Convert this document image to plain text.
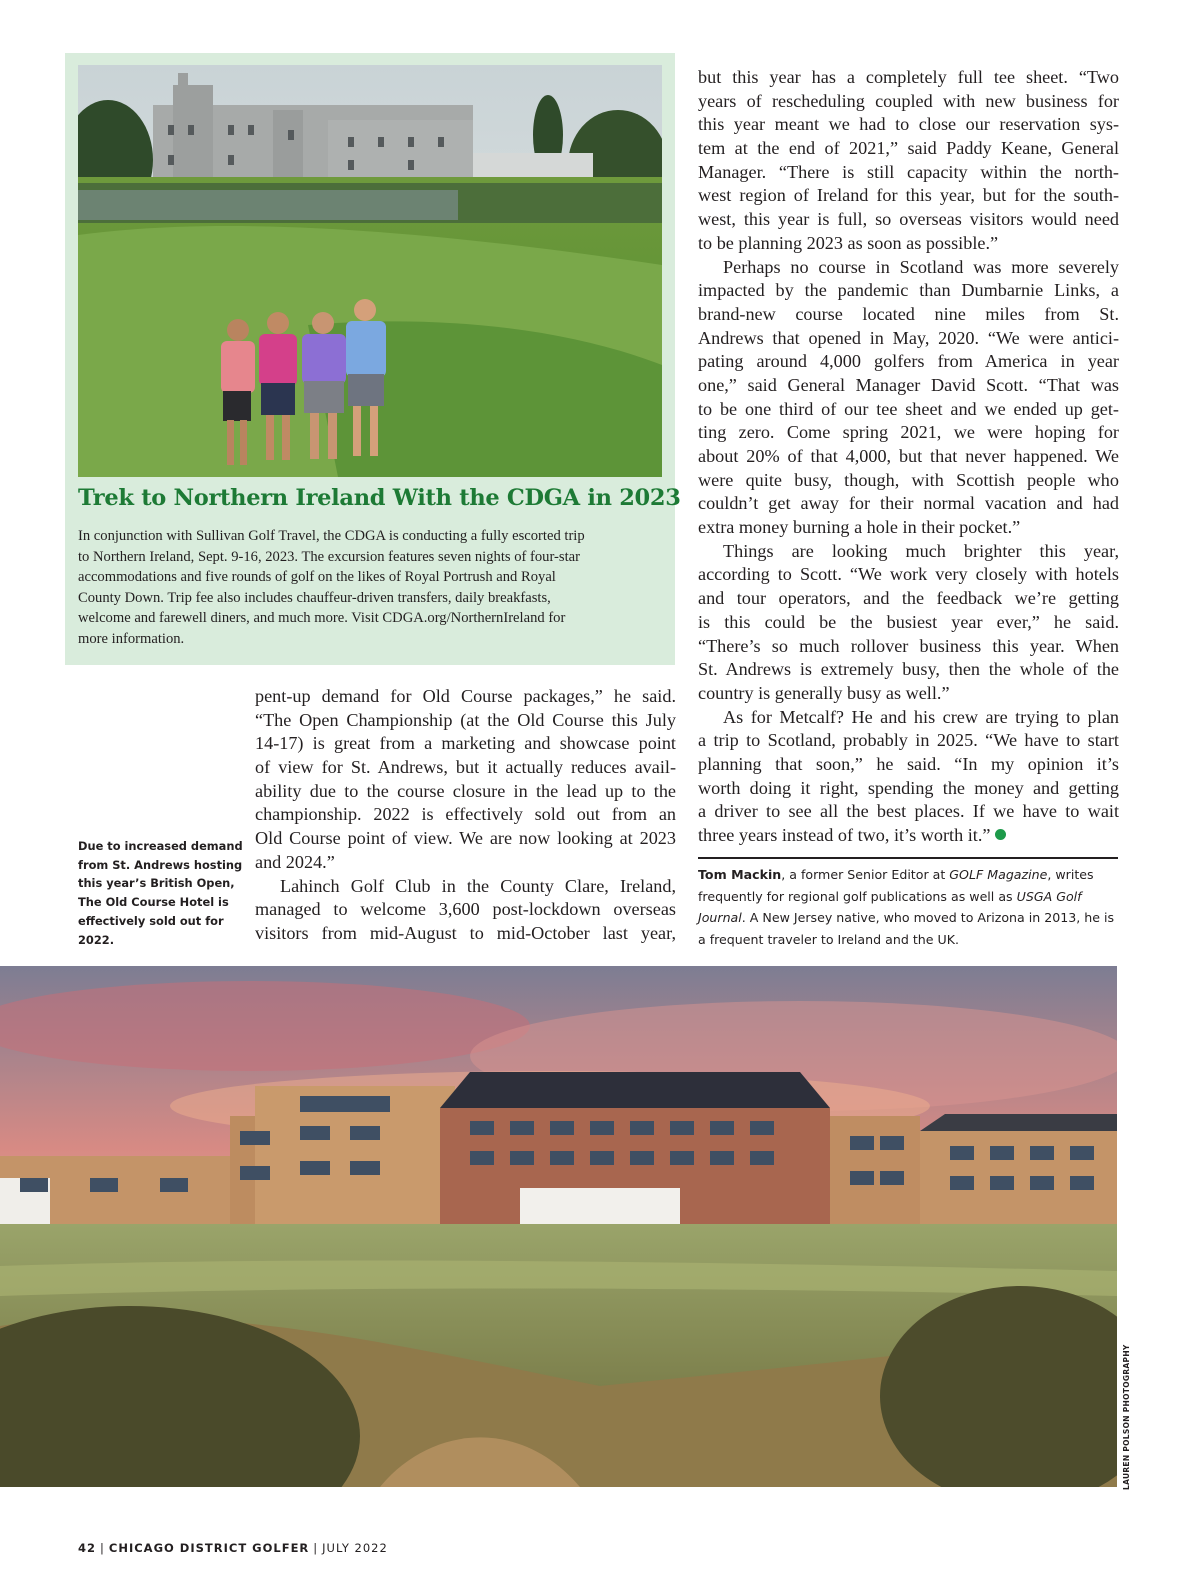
Trek to Northern Ireland With the CDGA in 2023

In conjunction with Sullivan Golf Travel, the CDGA is conducting a fully escorted trip
to Northern Ireland, Sept. 9-16, 2023. The excursion features seven nights of four-star
accommodations and five rounds of golf on the likes of Royal Portrush and Royal
County Down. Trip fee also includes chauffeur-driven transfers, daily breakfasts,
welcome and farewell diners, and much more. Visit CDGA.org/NorthernIreland for
more information.

pent-up demand for Old Course packages,” he said.
“The Open Championship (at the Old Course this July
14-17) is great from a marketing and showcase point
of view for St. Andrews, but it actually reduces avail-
ability due to the course closure in the lead up to the
championship. 2022 is effectively sold out from an
Old Course point of view. We are now looking at 2023
and 2024.”
Lahinch Golf Club in the County Clare, Ireland,
managed to welcome 3,600 post-lockdown overseas
visitors from mid-August to mid-October last year,
but this year has a completely full tee sheet. “Two
years of rescheduling coupled with new business for
this year meant we had to close our reservation sys-
tem at the end of 2021,” said Paddy Keane, General
Manager. “There is still capacity within the north-
west region of Ireland for this year, but for the south-
west, this year is full, so overseas visitors would need
to be planning 2023 as soon as possible.”
Perhaps no course in Scotland was more severely
impacted by the pandemic than Dumbarnie Links, a
brand-new course located nine miles from St.
Andrews that opened in May, 2020. “We were antici-
pating around 4,000 golfers from America in year
one,” said General Manager David Scott. “That was
to be one third of our tee sheet and we ended up get-
ting zero. Come spring 2021, we were hoping for
about 20% of that 4,000, but that never happened. We
were quite busy, though, with Scottish people who
couldn’t get away for their normal vacation and had
extra money burning a hole in their pocket.”
Things are looking much brighter this year,
according to Scott. “We work very closely with hotels
and tour operators, and the feedback we’re getting
is this could be the busiest year ever,” he said.
“There’s so much rollover business this year. When
St. Andrews is extremely busy, then the whole of the
country is generally busy as well.”
As for Metcalf? He and his crew are trying to plan
a trip to Scotland, probably in 2025. “We have to start
planning that soon,” he said. “In my opinion it’s
worth doing it right, spending the money and getting
a driver to see all the best places. If we have to wait
three years instead of two, it’s worth it.”

Due to increased demand
from St. Andrews hosting
this year’s British Open,
The Old Course Hotel is
effectively sold out for
2022.

Tom Mackin, a former Senior Editor at GOLF Magazine, writes
frequently for regional golf publications as well as USGA Golf
Journal. A New Jersey native, who moved to Arizona in 2013, he is
a frequent traveler to Ireland and the UK.

LAUREN POLSON PHOTOGRAPHY

42 | CHICAGO DISTRICT GOLFER | JULY 2022
